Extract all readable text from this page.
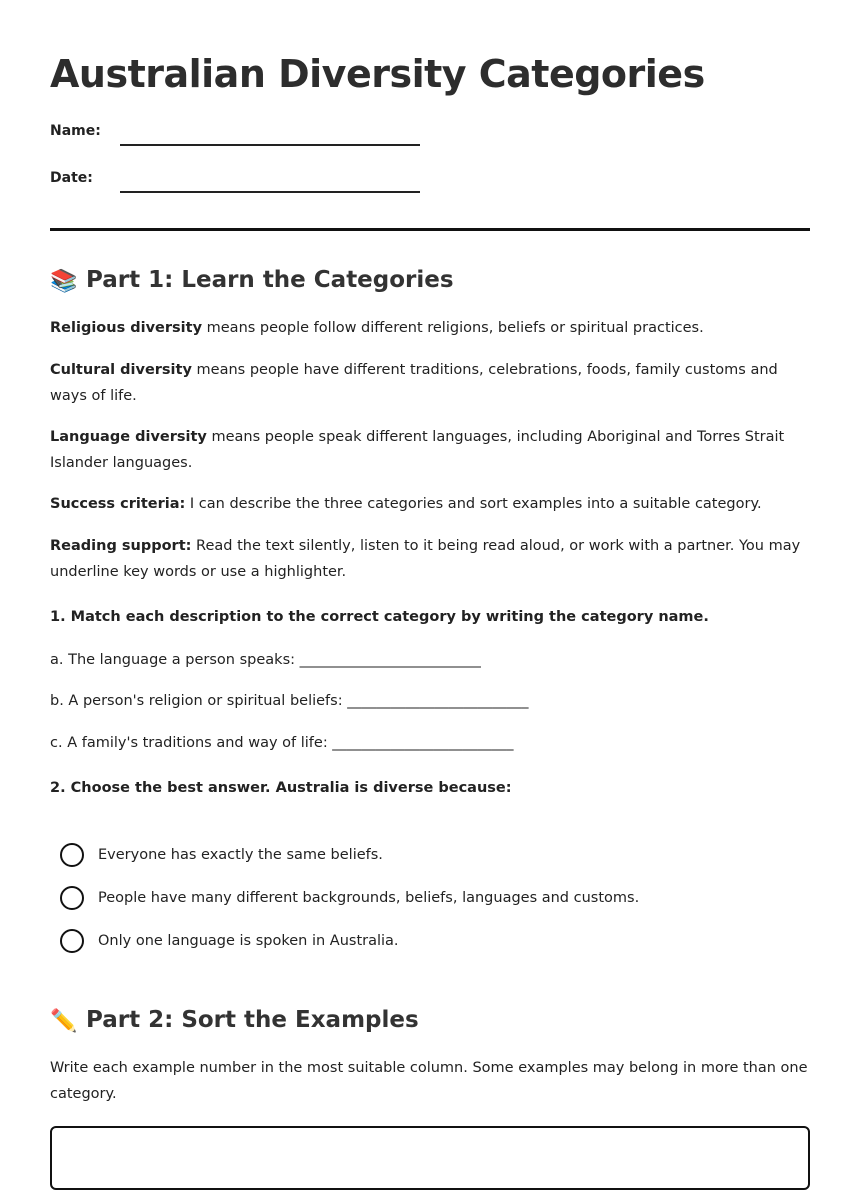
Australian Diversity Categories
Name:
Date:
📚 Part 1: Learn the Categories

Religious diversity means people follow different religions, beliefs or spiritual practices.

Cultural diversity means people have different traditions, celebrations, foods, family customs and ways of life.

Language diversity means people speak different languages, including Aboriginal and Torres Strait Islander languages.

Success criteria: I can describe the three categories and sort examples into a suitable category.

Reading support: Read the text silently, listen to it being read aloud, or work with a partner. You may underline key words or use a highlighter.

1. Match each description to the correct category by writing the category name.

a. The language a person speaks: _________________________
b. A person's religion or spiritual beliefs: _________________________
c. A family's traditions and way of life: _________________________

2. Choose the best answer. Australia is diverse because:

Everyone has exactly the same beliefs.
People have many different backgrounds, beliefs, languages and customs.
Only one language is spoken in Australia.
✏️ Part 2: Sort the Examples

Write each example number in the most suitable column. Some examples may belong in more than one category.
